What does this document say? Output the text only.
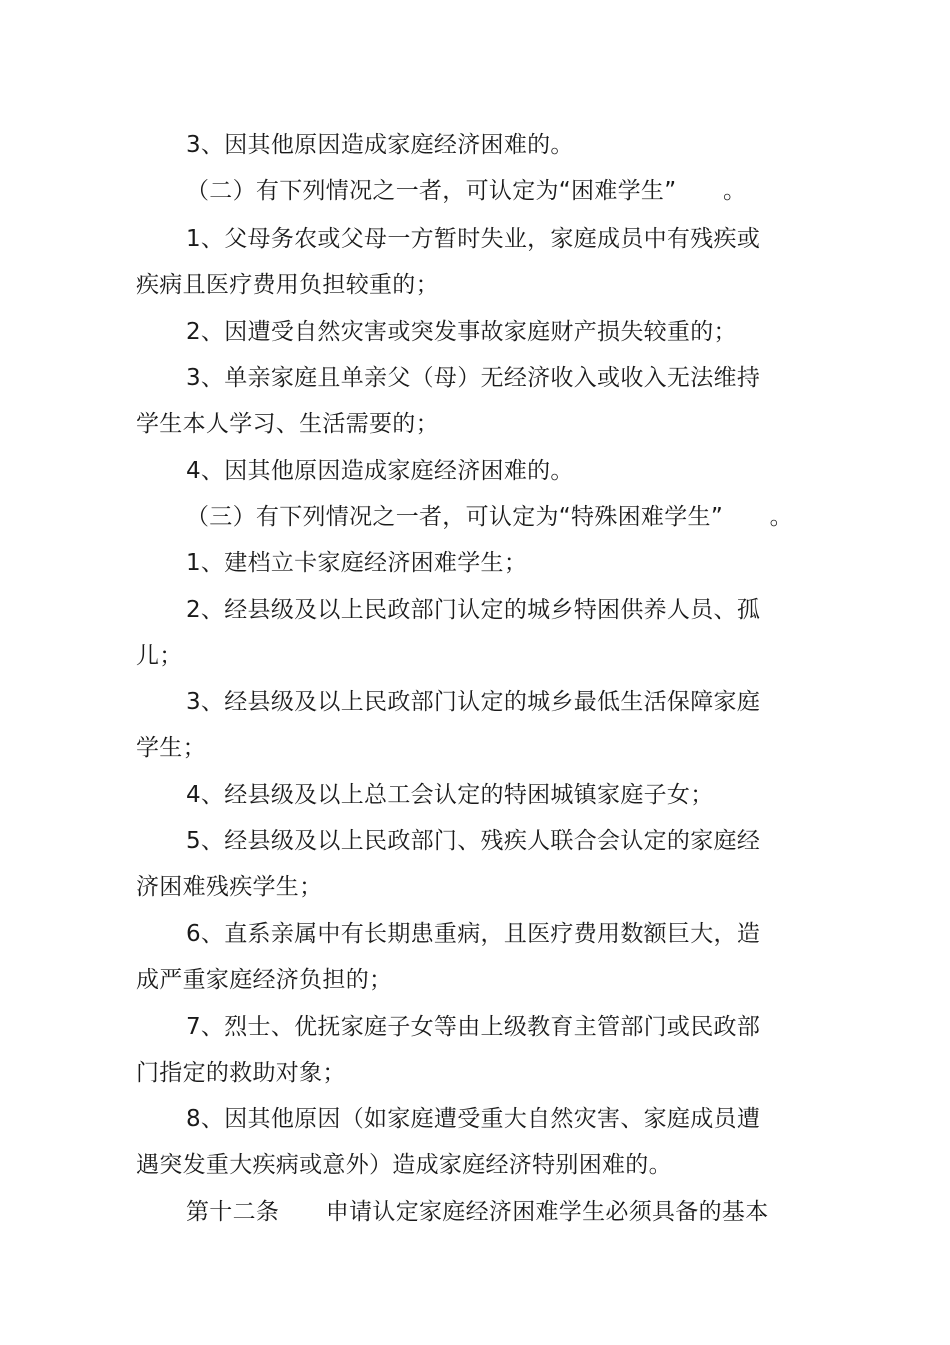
3、因其他原因造成家庭经济困难的。
（二）有下列情况之一者，可认定为“困难学生”　　。
1、父母务农或父母一方暂时失业，家庭成员中有残疾或
疾病且医疗费用负担较重的；
2、因遭受自然灾害或突发事故家庭财产损失较重的；
3、单亲家庭且单亲父（母）无经济收入或收入无法维持
学生本人学习、生活需要的；
4、因其他原因造成家庭经济困难的。
（三）有下列情况之一者，可认定为“特殊困难学生”　　。
1、建档立卡家庭经济困难学生；
2、经县级及以上民政部门认定的城乡特困供养人员、孤
儿；
3、经县级及以上民政部门认定的城乡最低生活保障家庭
学生；
4、经县级及以上总工会认定的特困城镇家庭子女；
5、经县级及以上民政部门、残疾人联合会认定的家庭经
济困难残疾学生；
6、直系亲属中有长期患重病，且医疗费用数额巨大，造
成严重家庭经济负担的；
7、烈士、优抚家庭子女等由上级教育主管部门或民政部
门指定的救助对象；
8、因其他原因（如家庭遭受重大自然灾害、家庭成员遭
遇突发重大疾病或意外）造成家庭经济特别困难的。
第十二条　　申请认定家庭经济困难学生必须具备的基本
